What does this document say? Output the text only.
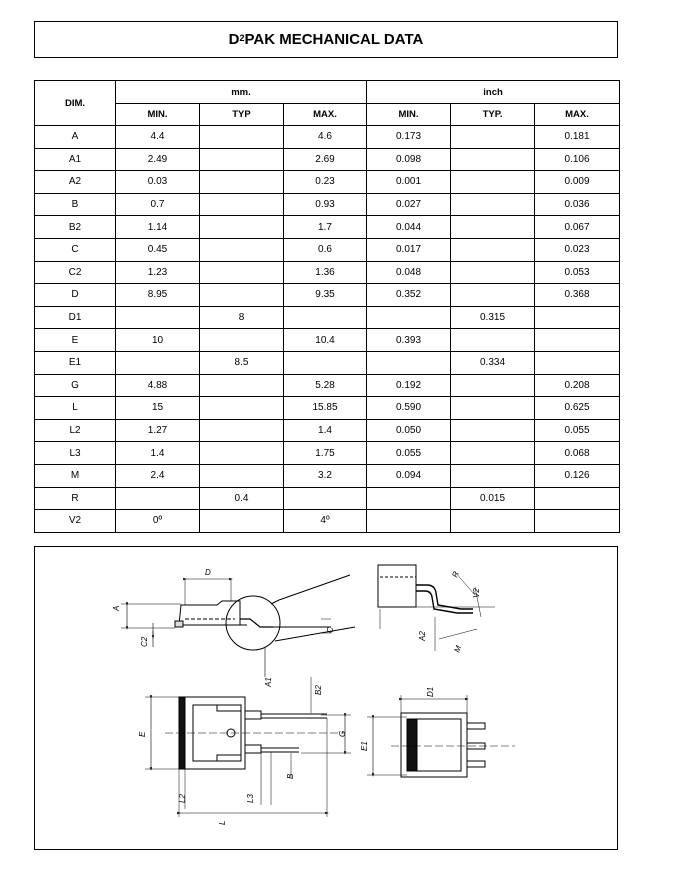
$D^2$ PAK MECHANICAL DATA
DIM.	mm.			inch		
	MIN.	TYP	MAX.	MIN.	TYP.	MAX.
A	4.4		4.6	0.173		0.181
A1	2.49		2.69	0.098		0.106
A2	0.03		0.23	0.001		0.009
B	0.7		0.93	0.027		0.036
B2	1.14		1.7	0.044		0.067
C	0.45		0.6	0.017		0.023
C2	1.23		1.36	0.048		0.053
D	8.95		9.35	0.352		0.368
D1		8			0.315	
E	10		10.4	0.393		
E1		8.5			0.334	
G	4.88		5.28	0.192		0.208
L	15		15.85	0.590		0.625
L2	1.27		1.4	0.050		0.055
L3	1.4		1.75	0.055		0.068
M	2.4		3.2	0.094		0.126
R		0.4			0.015	
V2	0º		4º			
A
D
C2
C
A1
A2
R
V2
M
B2
E	G
B
L2	L3
L
D1
E1
